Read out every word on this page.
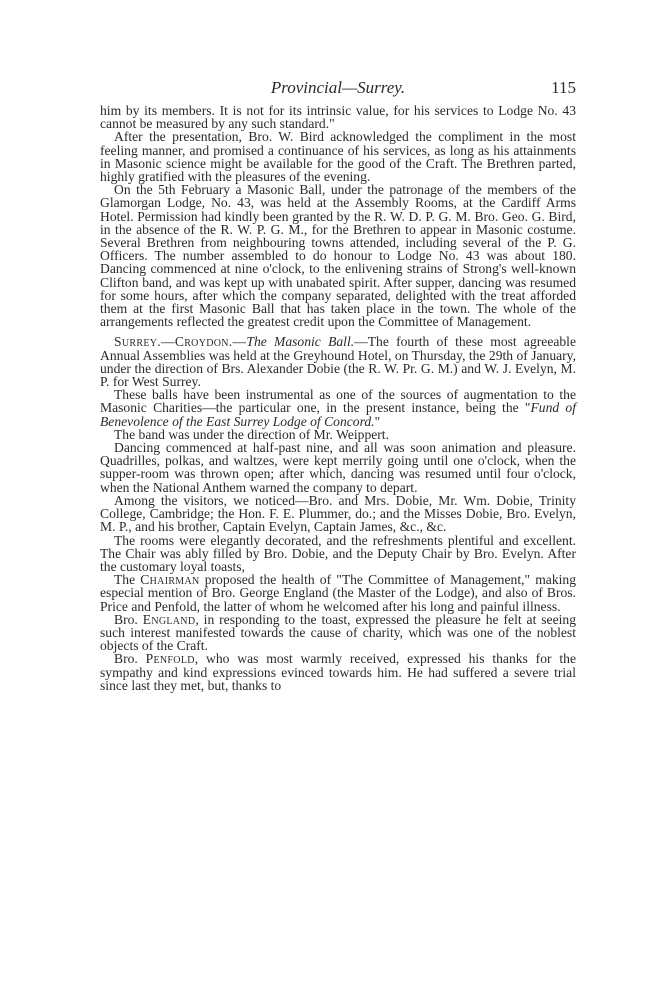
Provincial—Surrey.	115

him by its members. It is not for its intrinsic value, for his services to Lodge No. 43 cannot be measured by any such standard."

After the presentation, Bro. W. Bird acknowledged the compliment in the most feeling manner, and promised a continuance of his services, as long as his attainments in Masonic science might be available for the good of the Craft. The Brethren parted, highly gratified with the pleasures of the evening.

On the 5th February a Masonic Ball, under the patronage of the members of the Glamorgan Lodge, No. 43, was held at the Assembly Rooms, at the Cardiff Arms Hotel. Permission had kindly been granted by the R. W. D. P. G. M. Bro. Geo. G. Bird, in the absence of the R. W. P. G. M., for the Brethren to appear in Masonic costume. Several Brethren from neighbouring towns attended, including several of the P. G. Officers. The number assembled to do honour to Lodge No. 43 was about 180. Dancing commenced at nine o'clock, to the enlivening strains of Strong's well-known Clifton band, and was kept up with unabated spirit. After supper, dancing was resumed for some hours, after which the company separated, delighted with the treat afforded them at the first Masonic Ball that has taken place in the town. The whole of the arrangements reflected the greatest credit upon the Committee of Management.

Surrey.—Croydon.—The Masonic Ball.—The fourth of these most agreeable Annual Assemblies was held at the Greyhound Hotel, on Thursday, the 29th of January, under the direction of Brs. Alexander Dobie (the R. W. Pr. G. M.) and W. J. Evelyn, M. P. for West Surrey.

These balls have been instrumental as one of the sources of augmentation to the Masonic Charities—the particular one, in the present instance, being the "Fund of Benevolence of the East Surrey Lodge of Concord."

The band was under the direction of Mr. Weippert.

Dancing commenced at half-past nine, and all was soon animation and pleasure. Quadrilles, polkas, and waltzes, were kept merrily going until one o'clock, when the supper-room was thrown open; after which, dancing was resumed until four o'clock, when the National Anthem warned the company to depart.

Among the visitors, we noticed—Bro. and Mrs. Dobie, Mr. Wm. Dobie, Trinity College, Cambridge; the Hon. F. E. Plummer, do.; and the Misses Dobie, Bro. Evelyn, M. P., and his brother, Captain Evelyn, Captain James, &c., &c.

The rooms were elegantly decorated, and the refreshments plentiful and excellent. The Chair was ably filled by Bro. Dobie, and the Deputy Chair by Bro. Evelyn. After the customary loyal toasts,

The Chairman proposed the health of "The Committee of Management," making especial mention of Bro. George England (the Master of the Lodge), and also of Bros. Price and Penfold, the latter of whom he welcomed after his long and painful illness.

Bro. England, in responding to the toast, expressed the pleasure he felt at seeing such interest manifested towards the cause of charity, which was one of the noblest objects of the Craft.

Bro. Penfold, who was most warmly received, expressed his thanks for the sympathy and kind expressions evinced towards him. He had suffered a severe trial since last they met, but, thanks to
